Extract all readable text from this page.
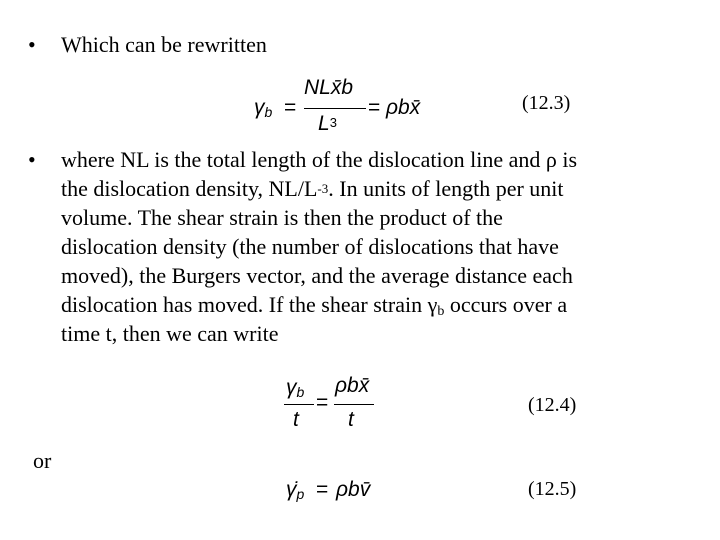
• Which can be rewritten
$\gamma_b$ =
NLx̄b
$L^3$
= ρbx̄	(12.3)
• where NL is the total length of the dislocation line and ρ is
the dislocation density, $NL/L^{-3}$. In units of length per unit
volume. The shear strain is then the product of the
dislocation density (the number of dislocations that have
moved), the Burgers vector, and the average distance each
dislocation has moved. If the shear strain $\gamma_b$ occurs over a
time t, then we can write
$\gamma_b$
t
=
ρbx̄
t
(12.4)
or
$\gammȧ_p$ = ρbv̄	(12.5)
